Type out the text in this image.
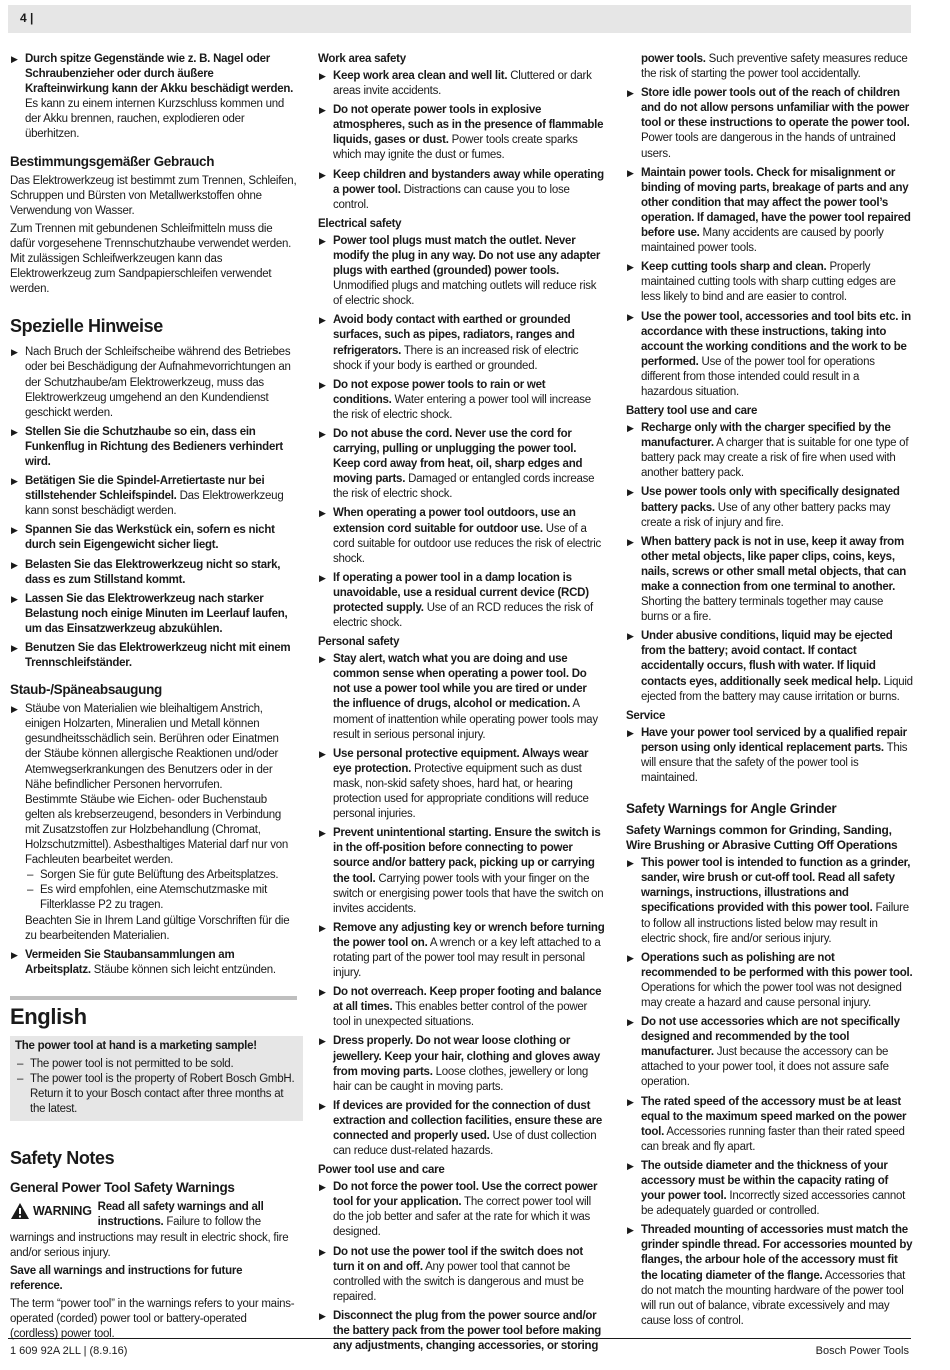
4 |

▶ Durch spitze Gegenstände wie z. B. Nagel oder Schraubenzieher oder durch äußere Krafteinwirkung kann der Akku beschädigt werden. Es kann zu einem internen Kurzschluss kommen und der Akku brennen, rauchen, explodieren oder überhitzen.

Bestimmungsgemäßer Gebrauch

Das Elektrowerkzeug ist bestimmt zum Trennen, Schleifen, Schruppen und Bürsten von Metallwerkstoffen ohne Verwendung von Wasser.

Zum Trennen mit gebundenen Schleifmitteln muss die dafür vorgesehene Trennschutzhaube verwendet werden.

Mit zulässigen Schleifwerkzeugen kann das Elektrowerkzeug zum Sandpapierschleifen verwendet werden.

Spezielle Hinweise

▶ Nach Bruch der Schleifscheibe während des Betriebes oder bei Beschädigung der Aufnahmevorrichtungen an der Schutzhaube/am Elektrowerkzeug, muss das Elektrowerkzeug umgehend an den Kundendienst geschickt werden.

▶ Stellen Sie die Schutzhaube so ein, dass ein Funkenflug in Richtung des Bedieners verhindert wird.

▶ Betätigen Sie die Spindel-Arretiertaste nur bei stillstehender Schleifspindel. Das Elektrowerkzeug kann sonst beschädigt werden.

▶ Spannen Sie das Werkstück ein, sofern es nicht durch sein Eigengewicht sicher liegt.

▶ Belasten Sie das Elektrowerkzeug nicht so stark, dass es zum Stillstand kommt.

▶ Lassen Sie das Elektrowerkzeug nach starker Belastung noch einige Minuten im Leerlauf laufen, um das Einsatzwerkzeug abzukühlen.

▶ Benutzen Sie das Elektrowerkzeug nicht mit einem Trennschleifständer.

Staub-/Späneabsaugung

▶ Stäube von Materialien wie bleihaltigem Anstrich, einigen Holzarten, Mineralien und Metall können gesundheitsschädlich sein. Berühren oder Einatmen der Stäube können allergische Reaktionen und/oder Atemwegserkrankungen des Benutzers oder in der Nähe befindlicher Personen hervorrufen.

Bestimmte Stäube wie Eichen- oder Buchenstaub gelten als krebserzeugend, besonders in Verbindung mit Zusatzstoffen zur Holzbehandlung (Chromat, Holzschutzmittel). Asbesthaltiges Material darf nur von Fachleuten bearbeitet werden.

– Sorgen Sie für gute Belüftung des Arbeitsplatzes.

– Es wird empfohlen, eine Atemschutzmaske mit Filterklasse P2 zu tragen.

Beachten Sie in Ihrem Land gültige Vorschriften für die zu bearbeitenden Materialien.

▶ Vermeiden Sie Staubansammlungen am Arbeitsplatz. Stäube können sich leicht entzünden.

English

The power tool at hand is a marketing sample!

– The power tool is not permitted to be sold.

– The power tool is the property of Robert Bosch GmbH. Return it to your Bosch contact after three months at the latest.

Safety Notes
General Power Tool Safety Warnings

WARNING Read all safety warnings and all instructions. Failure to follow the warnings and instructions may result in electric shock, fire and/or serious injury.

Save all warnings and instructions for future reference.

The term “power tool” in the warnings refers to your mains-operated (corded) power tool or battery-operated (cordless) power tool.

Work area safety

▶ Keep work area clean and well lit. Cluttered or dark areas invite accidents.

▶ Do not operate power tools in explosive atmospheres, such as in the presence of flammable liquids, gases or dust. Power tools create sparks which may ignite the dust or fumes.

▶ Keep children and bystanders away while operating a power tool. Distractions can cause you to lose control.

Electrical safety

▶ Power tool plugs must match the outlet. Never modify the plug in any way. Do not use any adapter plugs with earthed (grounded) power tools. Unmodified plugs and matching outlets will reduce risk of electric shock.

▶ Avoid body contact with earthed or grounded surfaces, such as pipes, radiators, ranges and refrigerators. There is an increased risk of electric shock if your body is earthed or grounded.

▶ Do not expose power tools to rain or wet conditions. Water entering a power tool will increase the risk of electric shock.

▶ Do not abuse the cord. Never use the cord for carrying, pulling or unplugging the power tool. Keep cord away from heat, oil, sharp edges and moving parts. Damaged or entangled cords increase the risk of electric shock.

▶ When operating a power tool outdoors, use an extension cord suitable for outdoor use. Use of a cord suitable for outdoor use reduces the risk of electric shock.

▶ If operating a power tool in a damp location is unavoidable, use a residual current device (RCD) protected supply. Use of an RCD reduces the risk of electric shock.

Personal safety

▶ Stay alert, watch what you are doing and use common sense when operating a power tool. Do not use a power tool while you are tired or under the influence of drugs, alcohol or medication. A moment of inattention while operating power tools may result in serious personal injury.

▶ Use personal protective equipment. Always wear eye protection. Protective equipment such as dust mask, non-skid safety shoes, hard hat, or hearing protection used for appropriate conditions will reduce personal injuries.

▶ Prevent unintentional starting. Ensure the switch is in the off-position before connecting to power source and/or battery pack, picking up or carrying the tool. Carrying power tools with your finger on the switch or energising power tools that have the switch on invites accidents.

▶ Remove any adjusting key or wrench before turning the power tool on. A wrench or a key left attached to a rotating part of the power tool may result in personal injury.

▶ Do not overreach. Keep proper footing and balance at all times. This enables better control of the power tool in unexpected situations.

▶ Dress properly. Do not wear loose clothing or jewellery. Keep your hair, clothing and gloves away from moving parts. Loose clothes, jewellery or long hair can be caught in moving parts.

▶ If devices are provided for the connection of dust extraction and collection facilities, ensure these are connected and properly used. Use of dust collection can reduce dust-related hazards.

Power tool use and care

▶ Do not force the power tool. Use the correct power tool for your application. The correct power tool will do the job better and safer at the rate for which it was designed.

▶ Do not use the power tool if the switch does not turn it on and off. Any power tool that cannot be controlled with the switch is dangerous and must be repaired.

▶ Disconnect the plug from the power source and/or the battery pack from the power tool before making any adjustments, changing accessories, or storing

power tools. Such preventive safety measures reduce the risk of starting the power tool accidentally.

▶ Store idle power tools out of the reach of children and do not allow persons unfamiliar with the power tool or these instructions to operate the power tool. Power tools are dangerous in the hands of untrained users.

▶ Maintain power tools. Check for misalignment or binding of moving parts, breakage of parts and any other condition that may affect the power tool’s operation. If damaged, have the power tool repaired before use. Many accidents are caused by poorly maintained power tools.

▶ Keep cutting tools sharp and clean. Properly maintained cutting tools with sharp cutting edges are less likely to bind and are easier to control.

▶ Use the power tool, accessories and tool bits etc. in accordance with these instructions, taking into account the working conditions and the work to be performed. Use of the power tool for operations different from those intended could result in a hazardous situation.

Battery tool use and care

▶ Recharge only with the charger specified by the manufacturer. A charger that is suitable for one type of battery pack may create a risk of fire when used with another battery pack.

▶ Use power tools only with specifically designated battery packs. Use of any other battery packs may create a risk of injury and fire.

▶ When battery pack is not in use, keep it away from other metal objects, like paper clips, coins, keys, nails, screws or other small metal objects, that can make a connection from one terminal to another. Shorting the battery terminals together may cause burns or a fire.

▶ Under abusive conditions, liquid may be ejected from the battery; avoid contact. If contact accidentally occurs, flush with water. If liquid contacts eyes, additionally seek medical help. Liquid ejected from the battery may cause irritation or burns.

Service

▶ Have your power tool serviced by a qualified repair person using only identical replacement parts. This will ensure that the safety of the power tool is maintained.

Safety Warnings for Angle Grinder
Safety Warnings common for Grinding, Sanding, Wire Brushing or Abrasive Cutting Off Operations

▶ This power tool is intended to function as a grinder, sander, wire brush or cut-off tool. Read all safety warnings, instructions, illustrations and specifications provided with this power tool. Failure to follow all instructions listed below may result in electric shock, fire and/or serious injury.

▶ Operations such as polishing are not recommended to be performed with this power tool. Operations for which the power tool was not designed may create a hazard and cause personal injury.

▶ Do not use accessories which are not specifically designed and recommended by the tool manufacturer. Just because the accessory can be attached to your power tool, it does not assure safe operation.

▶ The rated speed of the accessory must be at least equal to the maximum speed marked on the power tool. Accessories running faster than their rated speed can break and fly apart.

▶ The outside diameter and the thickness of your accessory must be within the capacity rating of your power tool. Incorrectly sized accessories cannot be adequately guarded or controlled.

▶ Threaded mounting of accessories must match the grinder spindle thread. For accessories mounted by flanges, the arbour hole of the accessory must fit the locating diameter of the flange. Accessories that do not match the mounting hardware of the power tool will run out of balance, vibrate excessively and may cause loss of control.

1 609 92A 2LL | (8.9.16)	Bosch Power Tools
